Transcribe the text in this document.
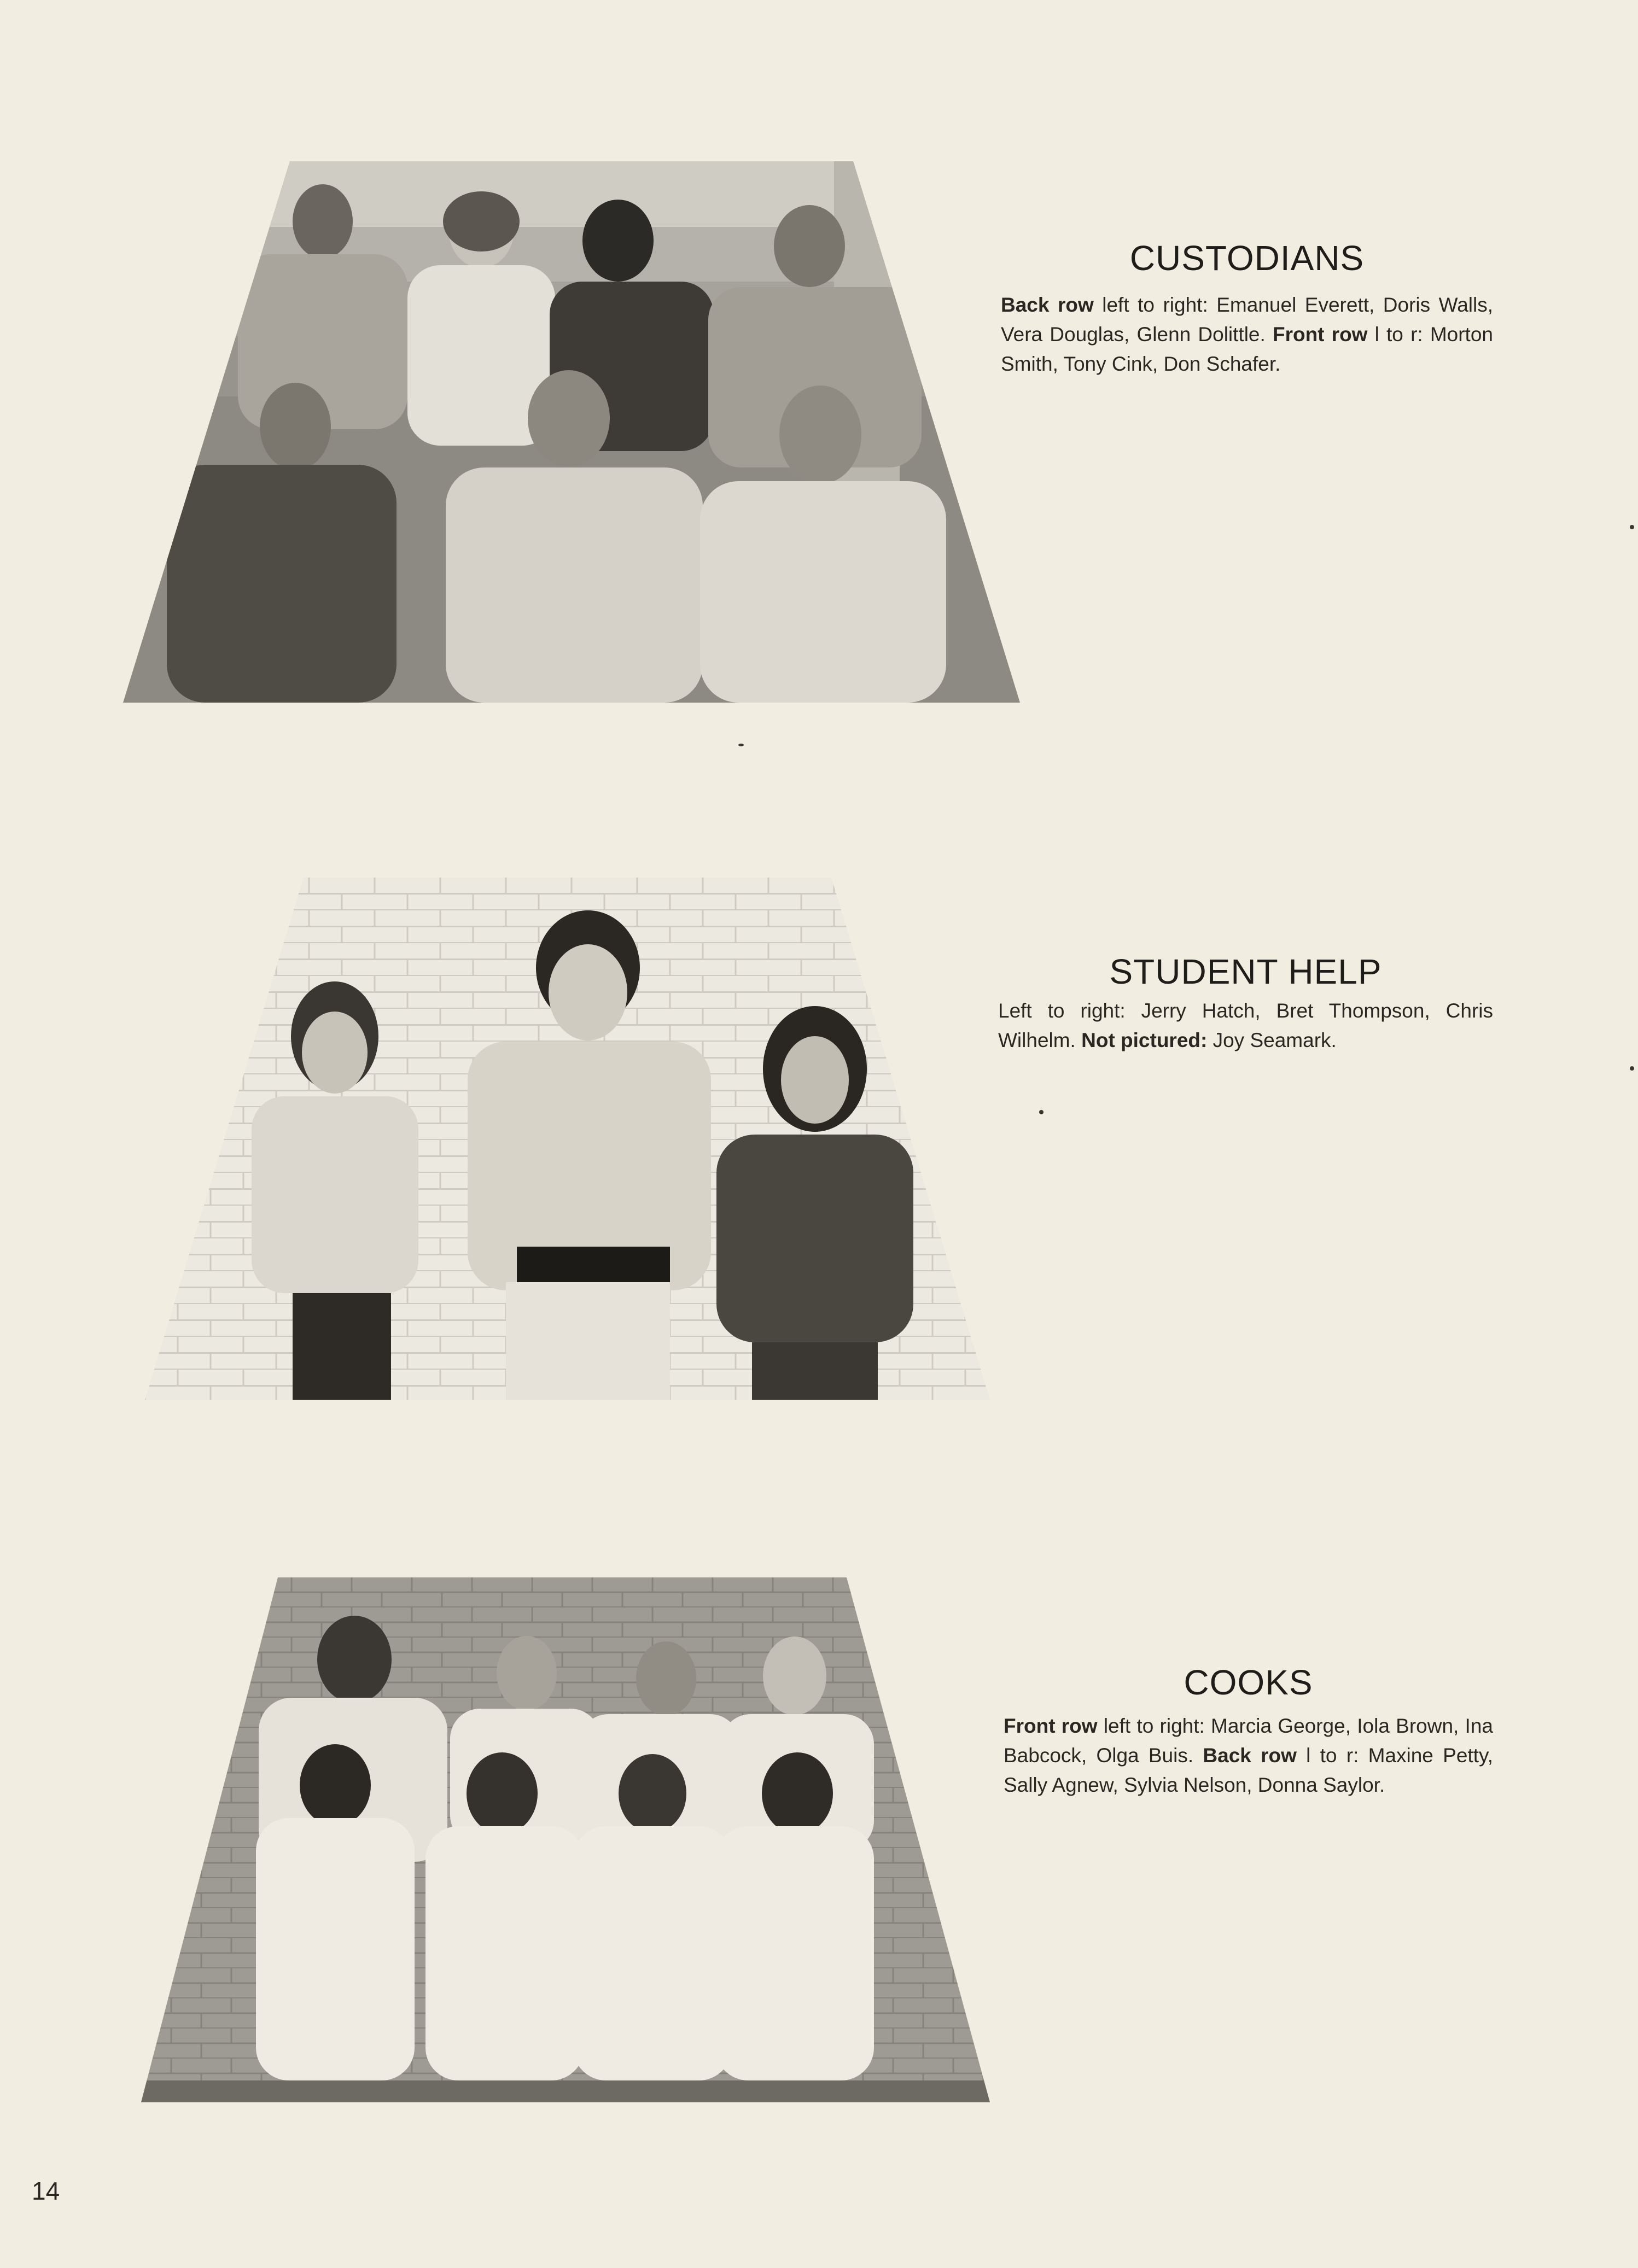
CUSTODIANS

Back row left to right: Emanuel Everett, Doris Walls, Vera Douglas, Glenn Dolittle. Front row l to r: Morton Smith, Tony Cink, Don Schafer.

STUDENT HELP

Left to right: Jerry Hatch, Bret Thompson, Chris Wilhelm. Not pictured: Joy Seamark.

COOKS

Front row left to right: Marcia George, Iola Brown, Ina Babcock, Olga Buis. Back row l to r: Maxine Petty, Sally Agnew, Sylvia Nelson, Donna Saylor.

14
